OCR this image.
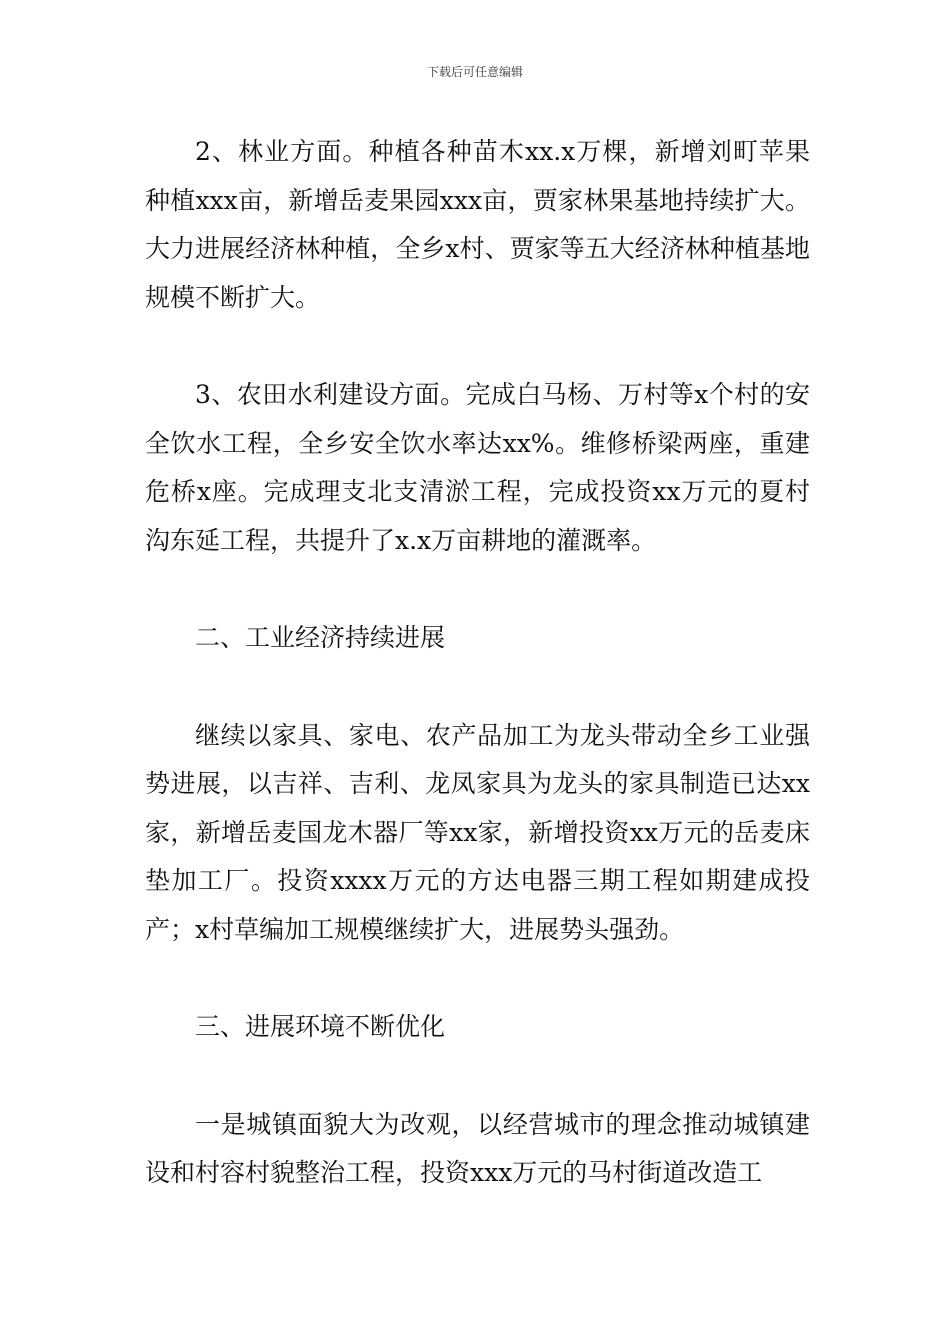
下载后可任意编辑

2、林业方面。种植各种苗木xx.x万棵，新增刘町苹果种植xxx亩，新增岳麦果园xxx亩，贾家林果基地持续扩大。大力进展经济林种植，全乡x村、贾家等五大经济林种植基地规模不断扩大。

3、农田水利建设方面。完成白马杨、万村等x个村的安全饮水工程，全乡安全饮水率达xx%。维修桥梁两座，重建危桥x座。完成理支北支清淤工程，完成投资xx万元的夏村沟东延工程，共提升了x.x万亩耕地的灌溉率。

二、工业经济持续进展

继续以家具、家电、农产品加工为龙头带动全乡工业强势进展，以吉祥、吉利、龙凤家具为龙头的家具制造已达xx家，新增岳麦国龙木器厂等xx家，新增投资xx万元的岳麦床垫加工厂。投资xxxx万元的方达电器三期工程如期建成投产；x村草编加工规模继续扩大，进展势头强劲。

三、进展环境不断优化

一是城镇面貌大为改观，以经营城市的理念推动城镇建设和村容村貌整治工程，投资xxx万元的马村街道改造工
